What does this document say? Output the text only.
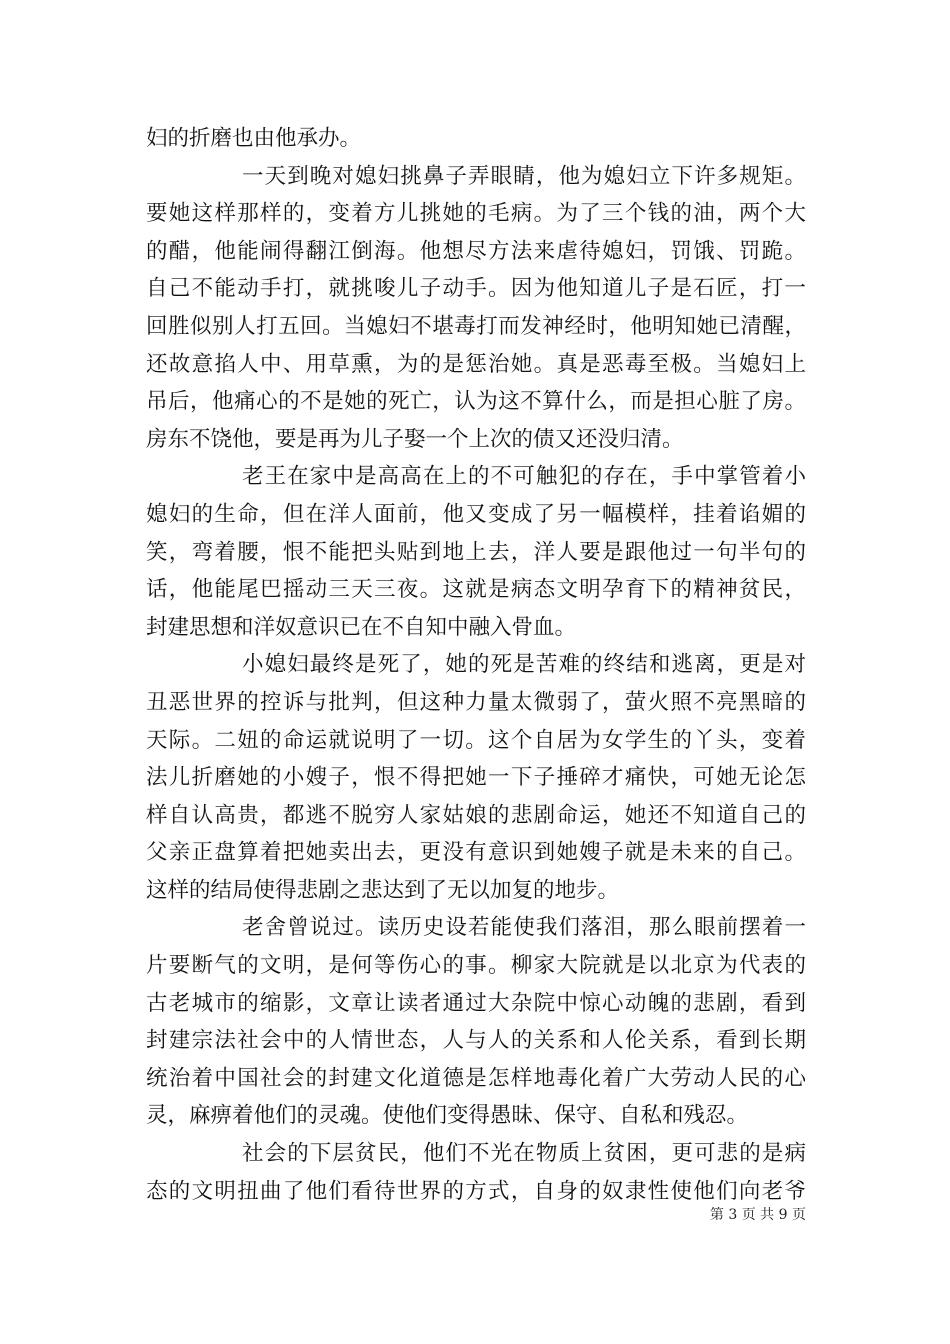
妇的折磨也由他承办。
一天到晚对媳妇挑鼻子弄眼睛，他为媳妇立下许多规矩。
要她这样那样的，变着方儿挑她的毛病。为了三个钱的油，两个大
的醋，他能闹得翻江倒海。他想尽方法来虐待媳妇，罚饿、罚跪。
自己不能动手打，就挑唆儿子动手。因为他知道儿子是石匠，打一
回胜似别人打五回。当媳妇不堪毒打而发神经时，他明知她已清醒，
还故意掐人中、用草熏，为的是惩治她。真是恶毒至极。当媳妇上
吊后，他痛心的不是她的死亡，认为这不算什么，而是担心脏了房。
房东不饶他，要是再为儿子娶一个上次的债又还没归清。
老王在家中是高高在上的不可触犯的存在，手中掌管着小
媳妇的生命，但在洋人面前，他又变成了另一幅模样，挂着谄媚的
笑，弯着腰，恨不能把头贴到地上去，洋人要是跟他过一句半句的
话，他能尾巴摇动三天三夜。这就是病态文明孕育下的精神贫民，
封建思想和洋奴意识已在不自知中融入骨血。
小媳妇最终是死了，她的死是苦难的终结和逃离，更是对
丑恶世界的控诉与批判，但这种力量太微弱了，萤火照不亮黑暗的
天际。二妞的命运就说明了一切。这个自居为女学生的丫头，变着
法儿折磨她的小嫂子，恨不得把她一下子捶碎才痛快，可她无论怎
样自认高贵，都逃不脱穷人家姑娘的悲剧命运，她还不知道自己的
父亲正盘算着把她卖出去，更没有意识到她嫂子就是未来的自己。
这样的结局使得悲剧之悲达到了无以加复的地步。
老舍曾说过。读历史设若能使我们落泪，那么眼前摆着一
片要断气的文明，是何等伤心的事。柳家大院就是以北京为代表的
古老城市的缩影，文章让读者通过大杂院中惊心动魄的悲剧，看到
封建宗法社会中的人情世态，人与人的关系和人伦关系，看到长期
统治着中国社会的封建文化道德是怎样地毒化着广大劳动人民的心
灵，麻痹着他们的灵魂。使他们变得愚昧、保守、自私和残忍。
社会的下层贫民，他们不光在物质上贫困，更可悲的是病
态的文明扭曲了他们看待世界的方式，自身的奴隶性使他们向老爷
第 3 页 共 9 页
